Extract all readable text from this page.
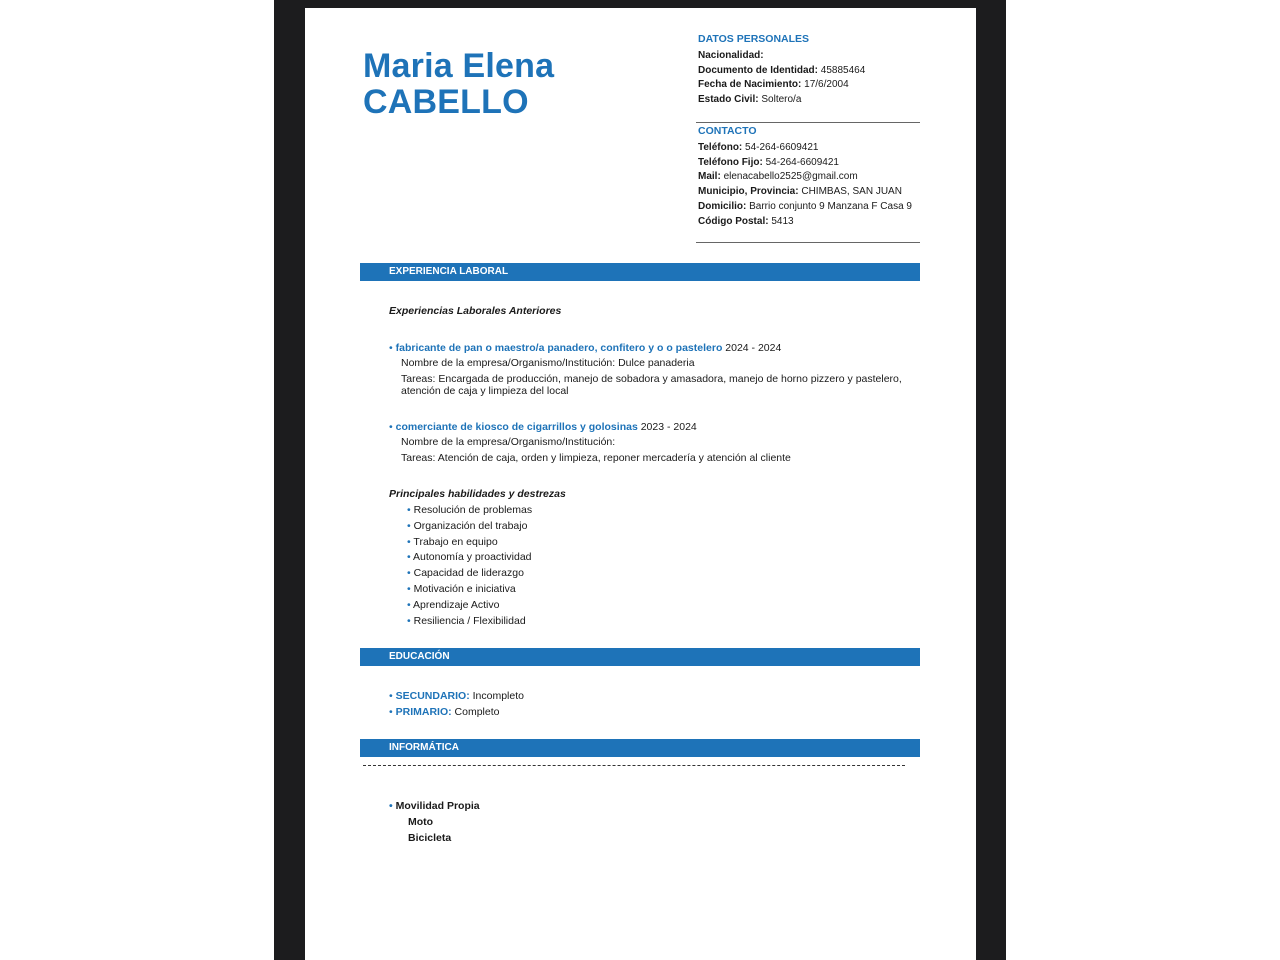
Maria Elena
CABELLO
DATOS PERSONALES
Nacionalidad:
Documento de Identidad: 45885464
Fecha de Nacimiento: 17/6/2004
Estado Civil: Soltero/a
CONTACTO
Teléfono: 54-264-6609421
Teléfono Fijo: 54-264-6609421
Mail: elenacabello2525@gmail.com
Municipio, Provincia: CHIMBAS, SAN JUAN
Domicilio: Barrio conjunto 9 Manzana F Casa 9
Código Postal: 5413
EXPERIENCIA LABORAL
Experiencias Laborales Anteriores
• fabricante de pan o maestro/a panadero, confitero y o o pastelero 2024 - 2024
Nombre de la empresa/Organismo/Institución: Dulce panaderia
Tareas: Encargada de producción, manejo de sobadora y amasadora, manejo de horno pizzero y pastelero, atención de caja y limpieza del local
• comerciante de kiosco de cigarrillos y golosinas 2023 - 2024
Nombre de la empresa/Organismo/Institución:
Tareas: Atención de caja, orden y limpieza, reponer mercadería y atención al cliente
Principales habilidades y destrezas
• Resolución de problemas
• Organización del trabajo
• Trabajo en equipo
• Autonomía y proactividad
• Capacidad de liderazgo
• Motivación e iniciativa
• Aprendizaje Activo
• Resiliencia / Flexibilidad
EDUCACIÓN
• SECUNDARIO: Incompleto
• PRIMARIO: Completo
INFORMÁTICA
• Movilidad Propia
Moto
Bicicleta
